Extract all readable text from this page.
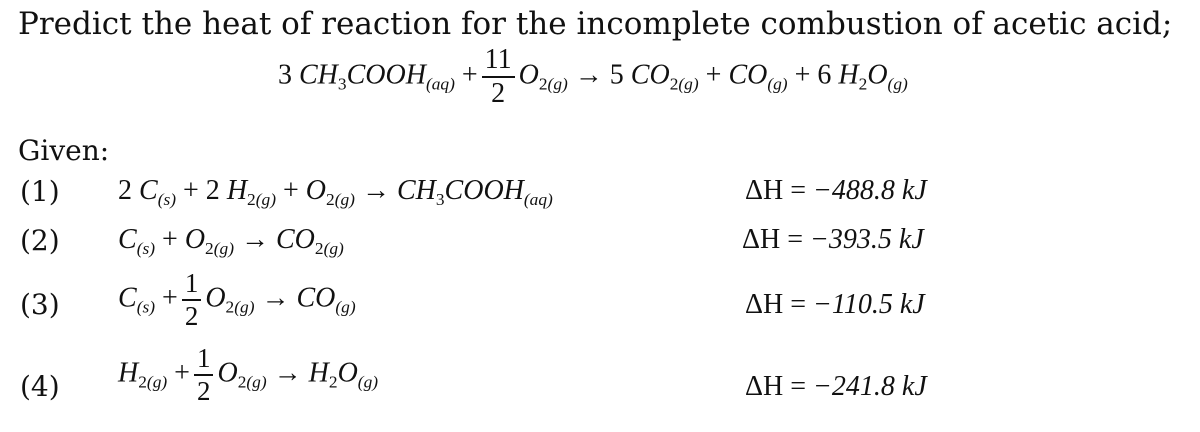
Predict the heat of reaction for the incomplete combustion of acetic acid;
3 $CH_3COOH_{(aq)} + \frac{11}{2} O_{2(g)} \to 5$ $CO_{2(g)} + CO_{(g)} + 6$ $H_2O_{(g)}$
Given:
(1) 2 $C_{(s)} + 2$ $H_{2(g)} + O_{2(g)}$ → $CH_3COOH_{(aq)}$	ΔH = −488.8 kJ
(2) $C_{(s)} + O_{2(g)} \to CO_{2(g)}$	ΔH = −393.5 kJ
(3) $C_{(s)} + \frac{1}{2} O_{2(g)} \to CO_{(g)}$	ΔH = −110.5 kJ
(4) $H_{2(g)} + \frac{1}{2} O_{2(g)} \to H_2O_{(g)}$	ΔH = −241.8 kJ
